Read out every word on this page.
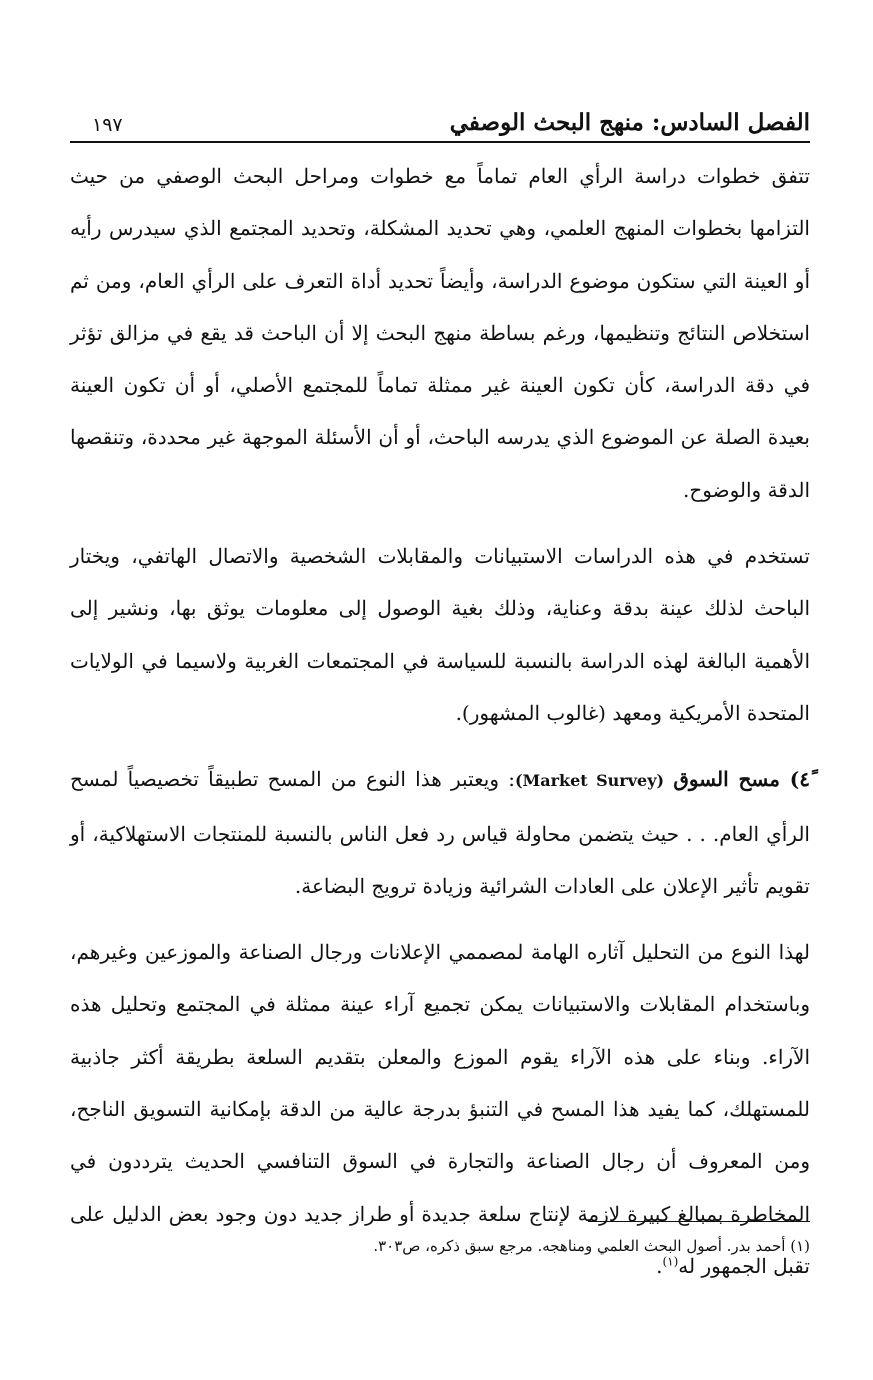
الفصل السادس: منهج البحث الوصفي
١٩٧

تتفق خطوات دراسة الرأي العام تماماً مع خطوات ومراحل البحث الوصفي من حيث التزامها بخطوات المنهج العلمي، وهي تحديد المشكلة، وتحديد المجتمع الذي سيدرس رأيه أو العينة التي ستكون موضوع الدراسة، وأيضاً تحديد أداة التعرف على الرأي العام، ومن ثم استخلاص النتائج وتنظيمها، ورغم بساطة منهج البحث إلا أن الباحث قد يقع في مزالق تؤثر في دقة الدراسة، كأن تكون العينة غير ممثلة تماماً للمجتمع الأصلي، أو أن تكون العينة بعيدة الصلة عن الموضوع الذي يدرسه الباحث، أو أن الأسئلة الموجهة غير محددة، وتنقصها الدقة والوضوح.

تستخدم في هذه الدراسات الاستبيانات والمقابلات الشخصية والاتصال الهاتفي، ويختار الباحث لذلك عينة بدقة وعناية، وذلك بغية الوصول إلى معلومات يوثق بها، ونشير إلى الأهمية البالغة لهذه الدراسة بالنسبة للسياسة في المجتمعات الغربية ولاسيما في الولايات المتحدة الأمريكية ومعهد (غالوب المشهور).

٤ً) مسح السوق (Market Survey): ويعتبر هذا النوع من المسح تطبيقاً تخصيصياً لمسح الرأي العام. . . حيث يتضمن محاولة قياس رد فعل الناس بالنسبة للمنتجات الاستهلاكية، أو تقويم تأثير الإعلان على العادات الشرائية وزيادة ترويج البضاعة.

لهذا النوع من التحليل آثاره الهامة لمصممي الإعلانات ورجال الصناعة والموزعين وغيرهم، وباستخدام المقابلات والاستبيانات يمكن تجميع آراء عينة ممثلة في المجتمع وتحليل هذه الآراء. وبناء على هذه الآراء يقوم الموزع والمعلن بتقديم السلعة بطريقة أكثر جاذبية للمستهلك، كما يفيد هذا المسح في التنبؤ بدرجة عالية من الدقة بإمكانية التسويق الناجح، ومن المعروف أن رجال الصناعة والتجارة في السوق التنافسي الحديث يترددون في المخاطرة بمبالغ كبيرة لازمة لإنتاج سلعة جديدة أو طراز جديد دون وجود بعض الدليل على تقبل الجمهور له$^{(١)}$.

(١) أحمد بدر. أصول البحث العلمي ومناهجه. مرجع سبق ذكره، ص٣٠٣.
